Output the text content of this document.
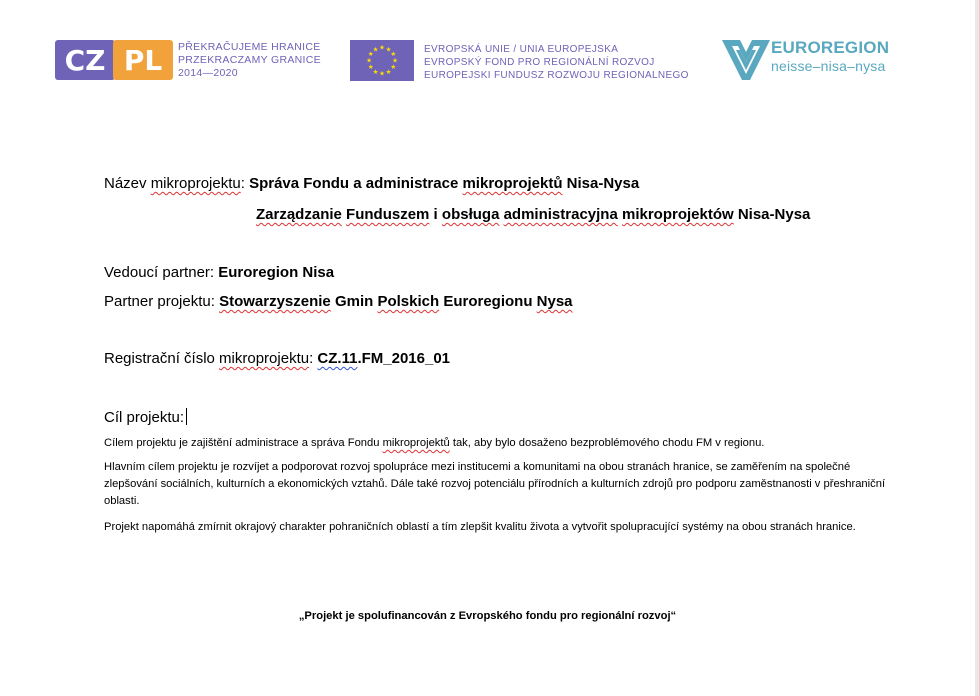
CZ PL PŘEKRAČUJEME HRANICE
PRZEKRACZAMY GRANICE
2014—2020
★ ★
★
★
★
★
★
★
★
★
★
★	EVROPSKÁ UNIE / UNIA EUROPEJSKA
EVROPSKÝ FOND PRO REGIONÁLNÍ ROZVOJ
EUROPEJSKI FUNDUSZ ROZWOJU REGIONALNEGO
EUROREGION
neisse–nisa–nysa
Název mikroprojektu: Správa Fondu a administrace mikroprojektů Nisa-Nysa
Zarządzanie Funduszem i obsługa administracyjna mikroprojektów Nisa-Nysa
Vedoucí partner: Euroregion Nisa
Partner projektu: Stowarzyszenie Gmin Polskich Euroregionu Nysa
Registrační číslo mikroprojektu: CZ.11.FM_2016_01
Cíl projektu:
Cílem projektu je zajištění administrace a správa Fondu mikroprojektů tak, aby bylo dosaženo bezproblémového chodu FM v regionu.
Hlavním cílem projektu je rozvíjet a podporovat rozvoj spolupráce mezi institucemi a komunitami na obou stranách hranice, se zaměřením na společné zlepšování sociálních, kulturních a ekonomických vztahů. Dále také rozvoj potenciálu přírodních a kulturních zdrojů pro podporu zaměstnanosti v přeshraniční oblasti.
Projekt napomáhá zmírnit okrajový charakter pohraničních oblastí a tím zlepšit kvalitu života a vytvořit spolupracující systémy na obou stranách hranice.
„Projekt je spolufinancován z Evropského fondu pro regionální rozvoj“
